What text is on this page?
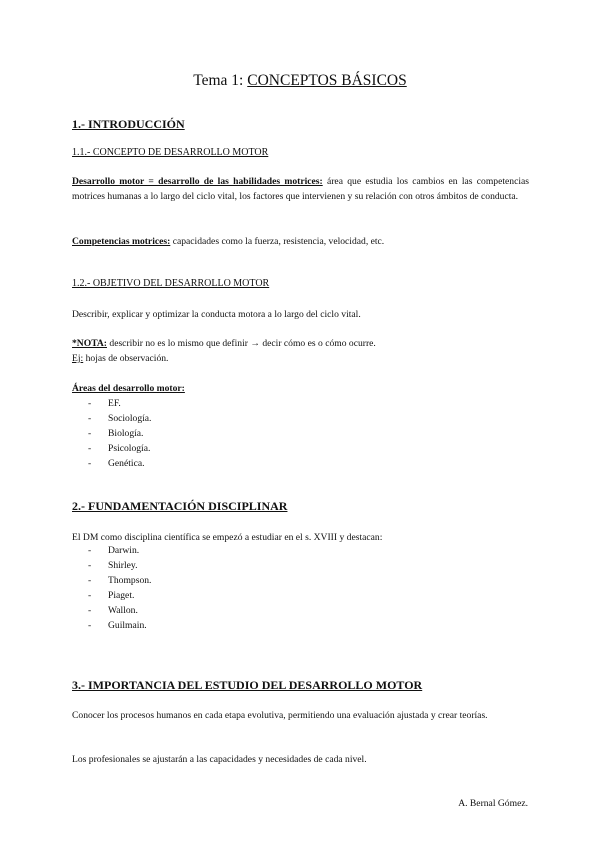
Tema 1: CONCEPTOS BÁSICOS
1.- INTRODUCCIÓN
1.1.- CONCEPTO DE DESARROLLO MOTOR
Desarrollo motor = desarrollo de las habilidades motrices: área que estudia los cambios en las competencias motrices humanas a lo largo del ciclo vital, los factores que intervienen y su relación con otros ámbitos de conducta.
Competencias motrices: capacidades como la fuerza, resistencia, velocidad, etc.
1.2.- OBJETIVO DEL DESARROLLO MOTOR
Describir, explicar y optimizar la conducta motora a lo largo del ciclo vital.
*NOTA: describir no es lo mismo que definir → decir cómo es o cómo ocurre.
Ej: hojas de observación.
Áreas del desarrollo motor:
- EF.
- Sociología.
- Biología.
- Psicología.
- Genética.
2.- FUNDAMENTACIÓN DISCIPLINAR
El DM como disciplina científica se empezó a estudiar en el s. XVIII y destacan:
- Darwin.
- Shirley.
- Thompson.
- Piaget.
- Wallon.
- Guilmain.
3.- IMPORTANCIA DEL ESTUDIO DEL DESARROLLO MOTOR
Conocer los procesos humanos en cada etapa evolutiva, permitiendo una evaluación ajustada y crear teorías.
Los profesionales se ajustarán a las capacidades y necesidades de cada nivel.
A. Bernal Gómez.
